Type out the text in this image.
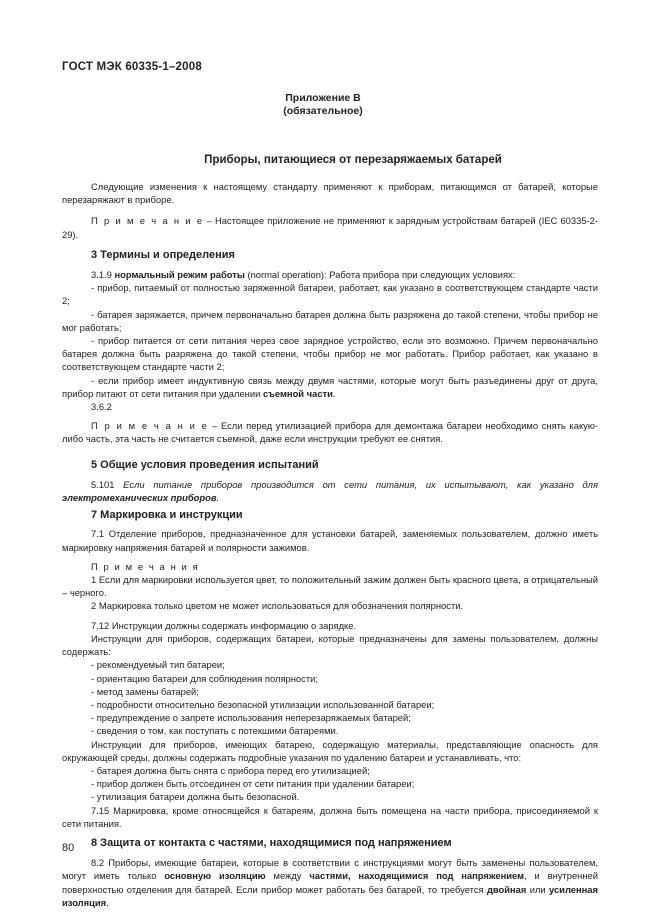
ГОСТ МЭК 60335-1–2008
Приложение В
(обязательное)
Приборы, питающиеся от перезаряжаемых батарей

Следующие изменения к настоящему стандарту применяют к приборам, питающимся от батарей, которые перезаряжают в приборе.

П р и м е ч а н и е – Настоящее приложение не применяют к зарядным устройствам батарей (IEC 60335-2-29).

3 Термины и определения

3.1.9 нормальный режим работы (normal operation): Работа прибора при следующих условиях:

- прибор, питаемый от полностью заряженной батареи, работает, как указано в соответствующем стандарте части 2;

- батарея заряжается, причем первоначально батарея должна быть разряжена до такой степени, чтобы прибор не мог работать;

- прибор питается от сети питания через свое зарядное устройство, если это возможно. Причем первоначально батарея должна быть разряжена до такой степени, чтобы прибор не мог работать. Прибор работает, как указано в соответствующем стандарте части 2;

- если прибор имеет индуктивную связь между двумя частями, которые могут быть разъединены друг от друга, прибор питают от сети питания при удалении съемной части.

3.6.2

П р и м е ч а н и е – Если перед утилизацией прибора для демонтажа батареи необходимо снять какую-либо часть, эта часть не считается съемной, даже если инструкции требуют ее снятия.

5 Общие условия проведения испытаний

5.101 Если питание приборов производится от сети питания, их испытывают, как указано для электромеханических приборов.

7 Маркировка и инструкции

7.1 Отделение приборов, предназначенное для установки батарей, заменяемых пользователем, должно иметь маркировку напряжения батарей и полярности зажимов.

П р и м е ч а н и я

1 Если для маркировки используется цвет, то положительный зажим должен быть красного цвета, а отрицательный – черного.

2 Маркировка только цветом не может использоваться для обозначения полярности.

7.12 Инструкции должны содержать информацию о зарядке.

Инструкции для приборов, содержащих батареи, которые предназначены для замены пользователем, должны содержать:

- рекомендуемый тип батареи;

- ориентацию батареи для соблюдения полярности;

- метод замены батарей;

- подробности относительно безопасной утилизации использованной батареи;

- предупреждение о запрете использования неперезаряжаемых батарей;

- сведения о том, как поступать с потекшими батареями.

Инструкции для приборов, имеющих батарею, содержащую материалы, представляющие опасность для окружающей среды, должны содержать подробные указания по удалению батареи и устанавливать, что:

- батарея должна быть снята с прибора перед его утилизацией;

- прибор должен быть отсоединен от сети питания при удалении батареи;

- утилизация батареи должна быть безопасной.

7.15 Маркировка, кроме относящейся к батареям, должна быть помещена на части прибора, присоединяемой к сети питания.

8 Защита от контакта с частями, находящимися под напряжением

8.2 Приборы, имеющие батареи, которые в соответствии с инструкциями могут быть заменены пользователем, могут иметь только основную изоляцию между частями, находящимися под напряжением, и внутренней поверхностью отделения для батарей. Если прибор может работать без батарей, то требуется двойная или усиленная изоляция.

80
